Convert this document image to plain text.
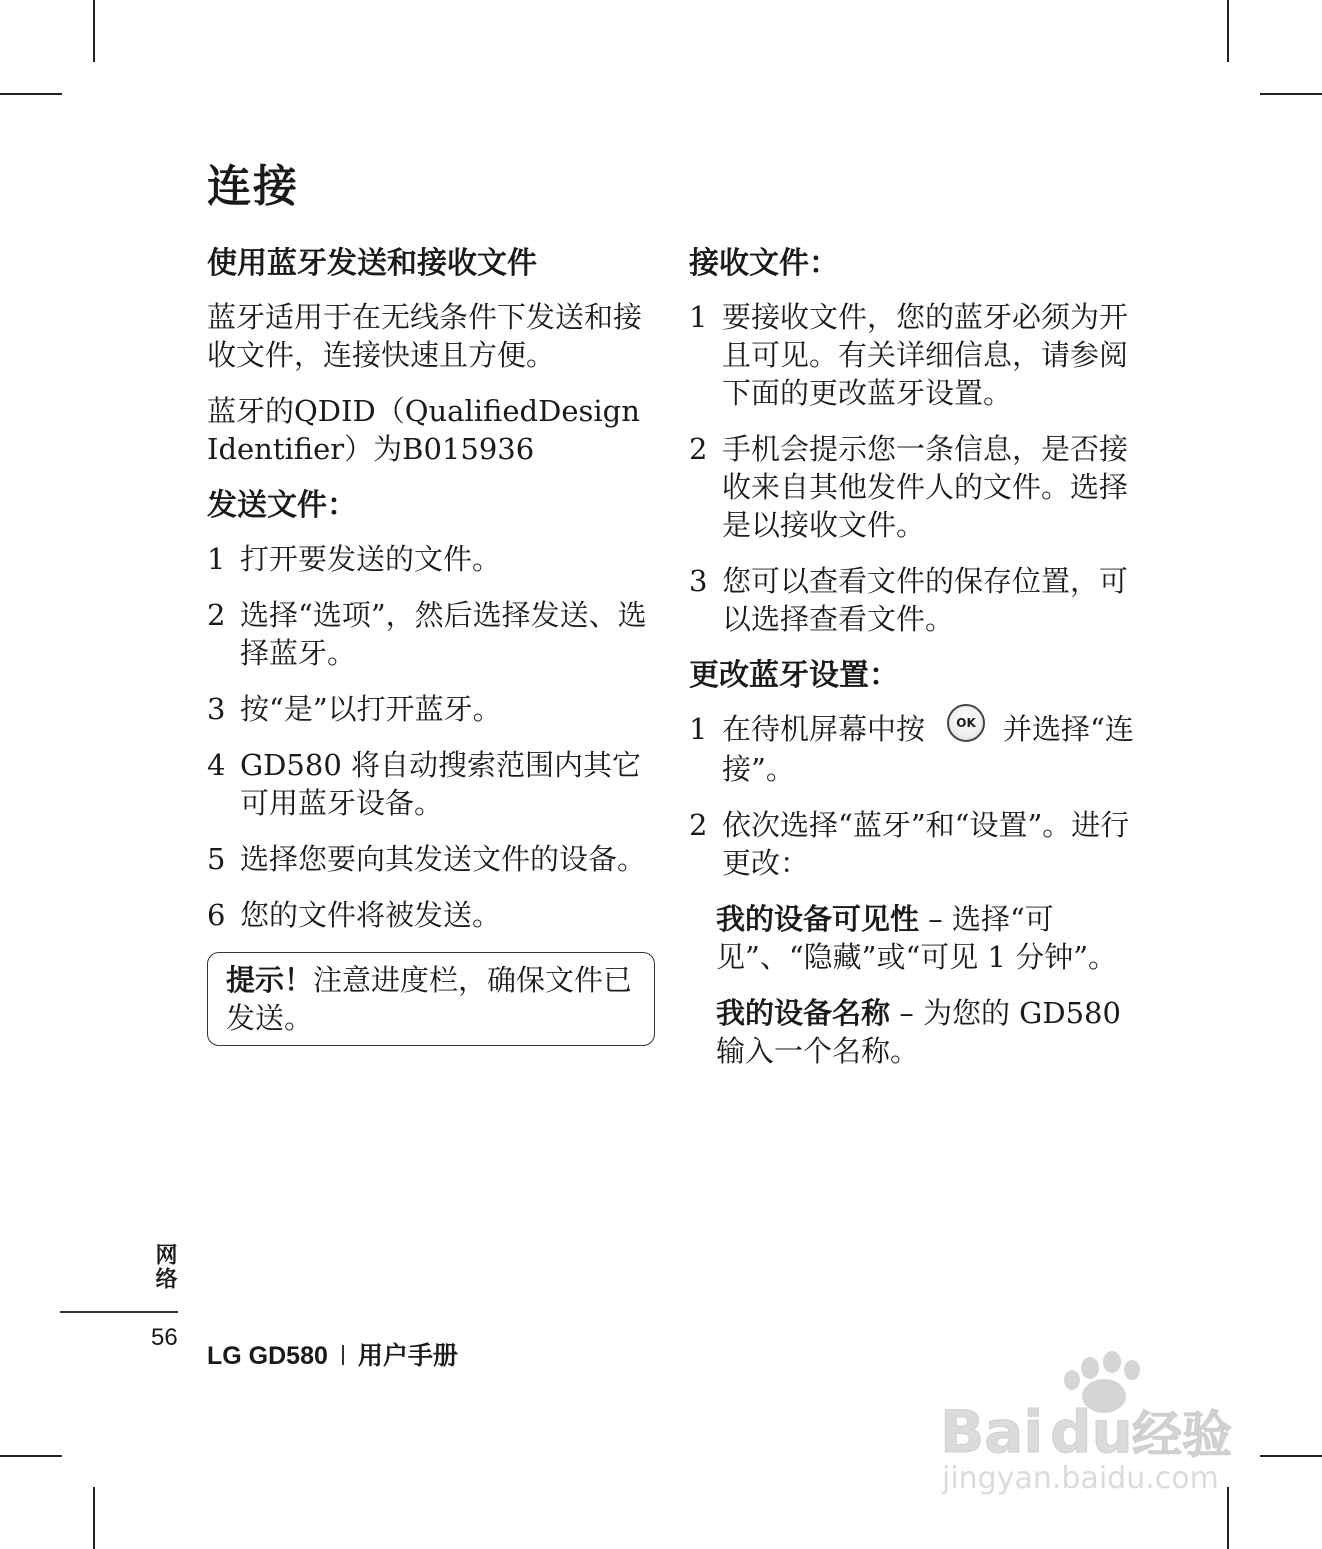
连接
使用蓝牙发送和接收文件

蓝牙适用于在无线条件下发送和接收文件，连接快速且方便。

蓝牙的QDID（QualifiedDesign Identifier）为B015936

发送文件：
1 打开要发送的文件。
2 选择“选项”，然后选择发送、选择蓝牙。
3 按“是”以打开蓝牙。
4 GD580 将自动搜索范围内其它可用蓝牙设备。
5 选择您要向其发送文件的设备。
6 您的文件将被发送。
提示！注意进度栏，确保文件已发送。
接收文件：
1 要接收文件，您的蓝牙必须为开且可见。有关详细信息，请参阅下面的更改蓝牙设置。
2 手机会提示您一条信息，是否接收来自其他发件人的文件。选择是以接收文件。
3 您可以查看文件的保存位置，可以选择查看文件。
更改蓝牙设置：
1 在待机屏幕中按	OK 并选择“连接”。
2 依次选择“蓝牙”和“设置”。进行更改：
我的设备可见性 – 选择“可见”、“隐藏”或“可见 1 分钟”。
我的设备名称 – 为您的 GD580 输入一个名称。
网络
56
LG GD580 用户手册
Bai du 经验
jingyan.baidu.com
